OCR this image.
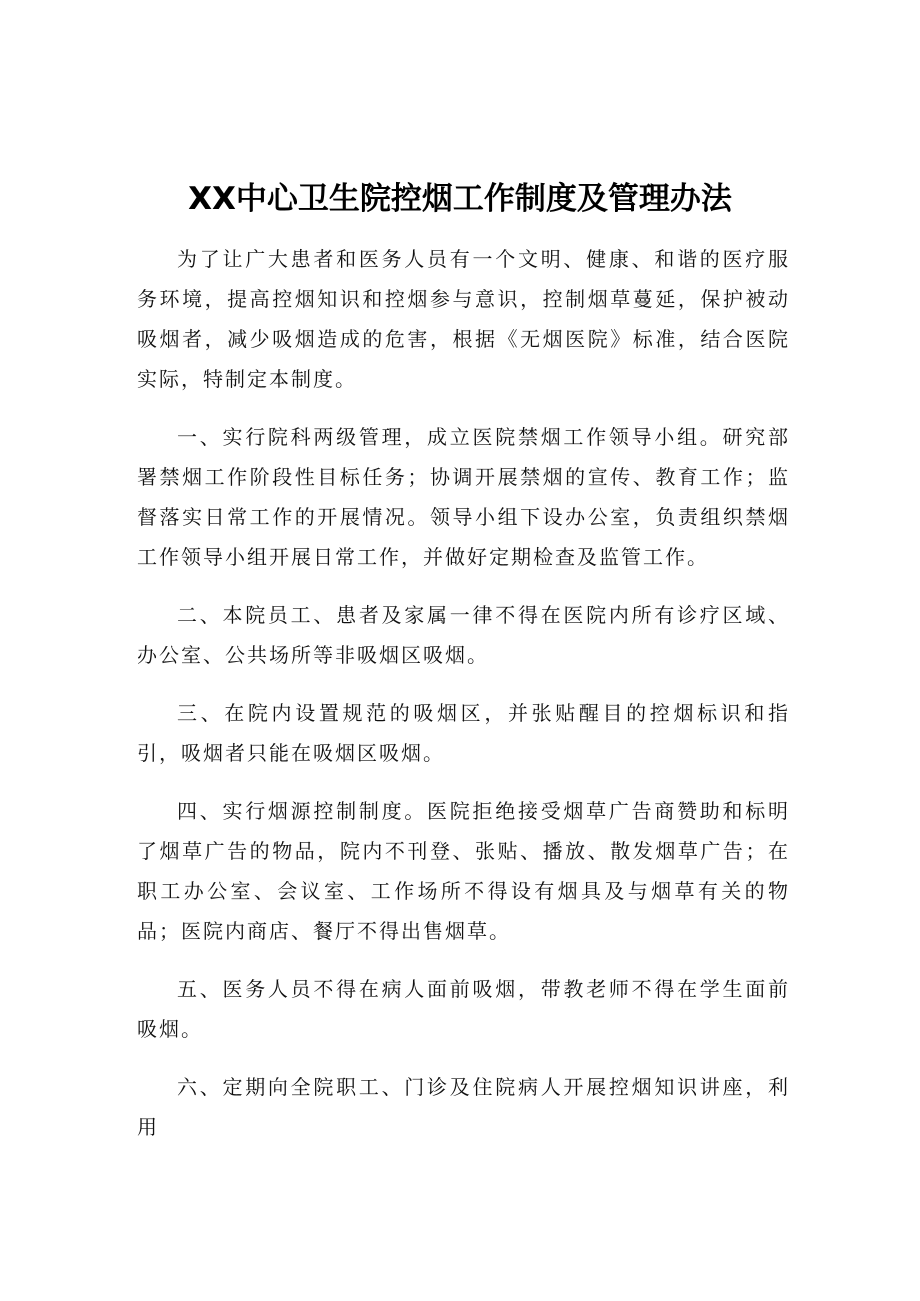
XX中心卫生院控烟工作制度及管理办法

为了让广大患者和医务人员有一个文明、健康、和谐的医疗服务环境，提高控烟知识和控烟参与意识，控制烟草蔓延，保护被动吸烟者，减少吸烟造成的危害，根据《无烟医院》标准，结合医院实际，特制定本制度。

一、实行院科两级管理，成立医院禁烟工作领导小组。研究部署禁烟工作阶段性目标任务；协调开展禁烟的宣传、教育工作；监督落实日常工作的开展情况。领导小组下设办公室，负责组织禁烟工作领导小组开展日常工作，并做好定期检查及监管工作。

二、本院员工、患者及家属一律不得在医院内所有诊疗区域、办公室、公共场所等非吸烟区吸烟。

三、在院内设置规范的吸烟区，并张贴醒目的控烟标识和指引，吸烟者只能在吸烟区吸烟。

四、实行烟源控制制度。医院拒绝接受烟草广告商赞助和标明了烟草广告的物品，院内不刊登、张贴、播放、散发烟草广告；在职工办公室、会议室、工作场所不得设有烟具及与烟草有关的物品；医院内商店、餐厅不得出售烟草。

五、医务人员不得在病人面前吸烟，带教老师不得在学生面前吸烟。

六、定期向全院职工、门诊及住院病人开展控烟知识讲座，利用
